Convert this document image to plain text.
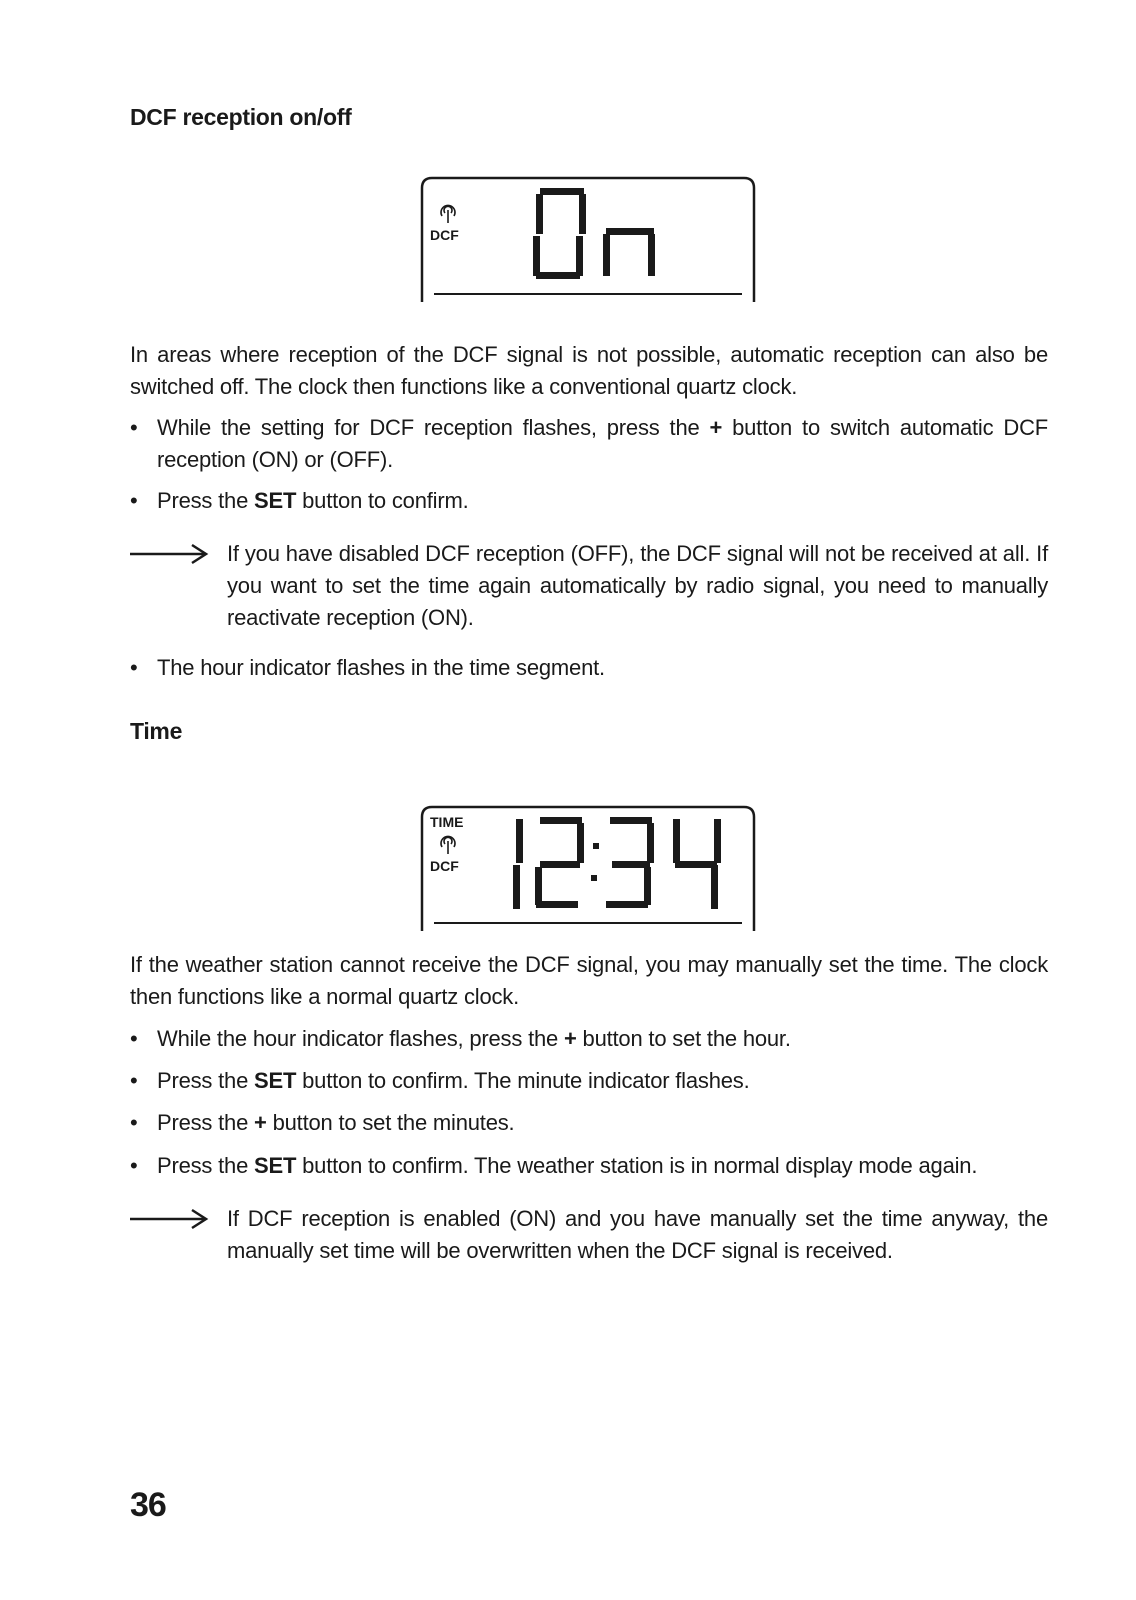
DCF reception on/off
DCF
In areas where reception of the DCF signal is not possible, automatic reception can also be switched off. The clock then functions like a conventional quartz clock.
• While the setting for DCF reception flashes, press the + button to switch automatic DCF reception (ON) or (OFF).
• Press the SET button to confirm.
If you have disabled DCF reception (OFF), the DCF signal will not be received at all. If you want to set the time again automatically by radio signal, you need to manually reactivate reception (ON).
• The hour indicator flashes in the time segment.
Time
TIME
DCF
If the weather station cannot receive the DCF signal, you may manually set the time. The clock then functions like a normal quartz clock.
• While the hour indicator flashes, press the + button to set the hour.
• Press the SET button to confirm. The minute indicator flashes.
• Press the + button to set the minutes.
• Press the SET button to confirm. The weather station is in normal display mode again.
If DCF reception is enabled (ON) and you have manually set the time anyway, the manually set time will be overwritten when the DCF signal is received.
36
